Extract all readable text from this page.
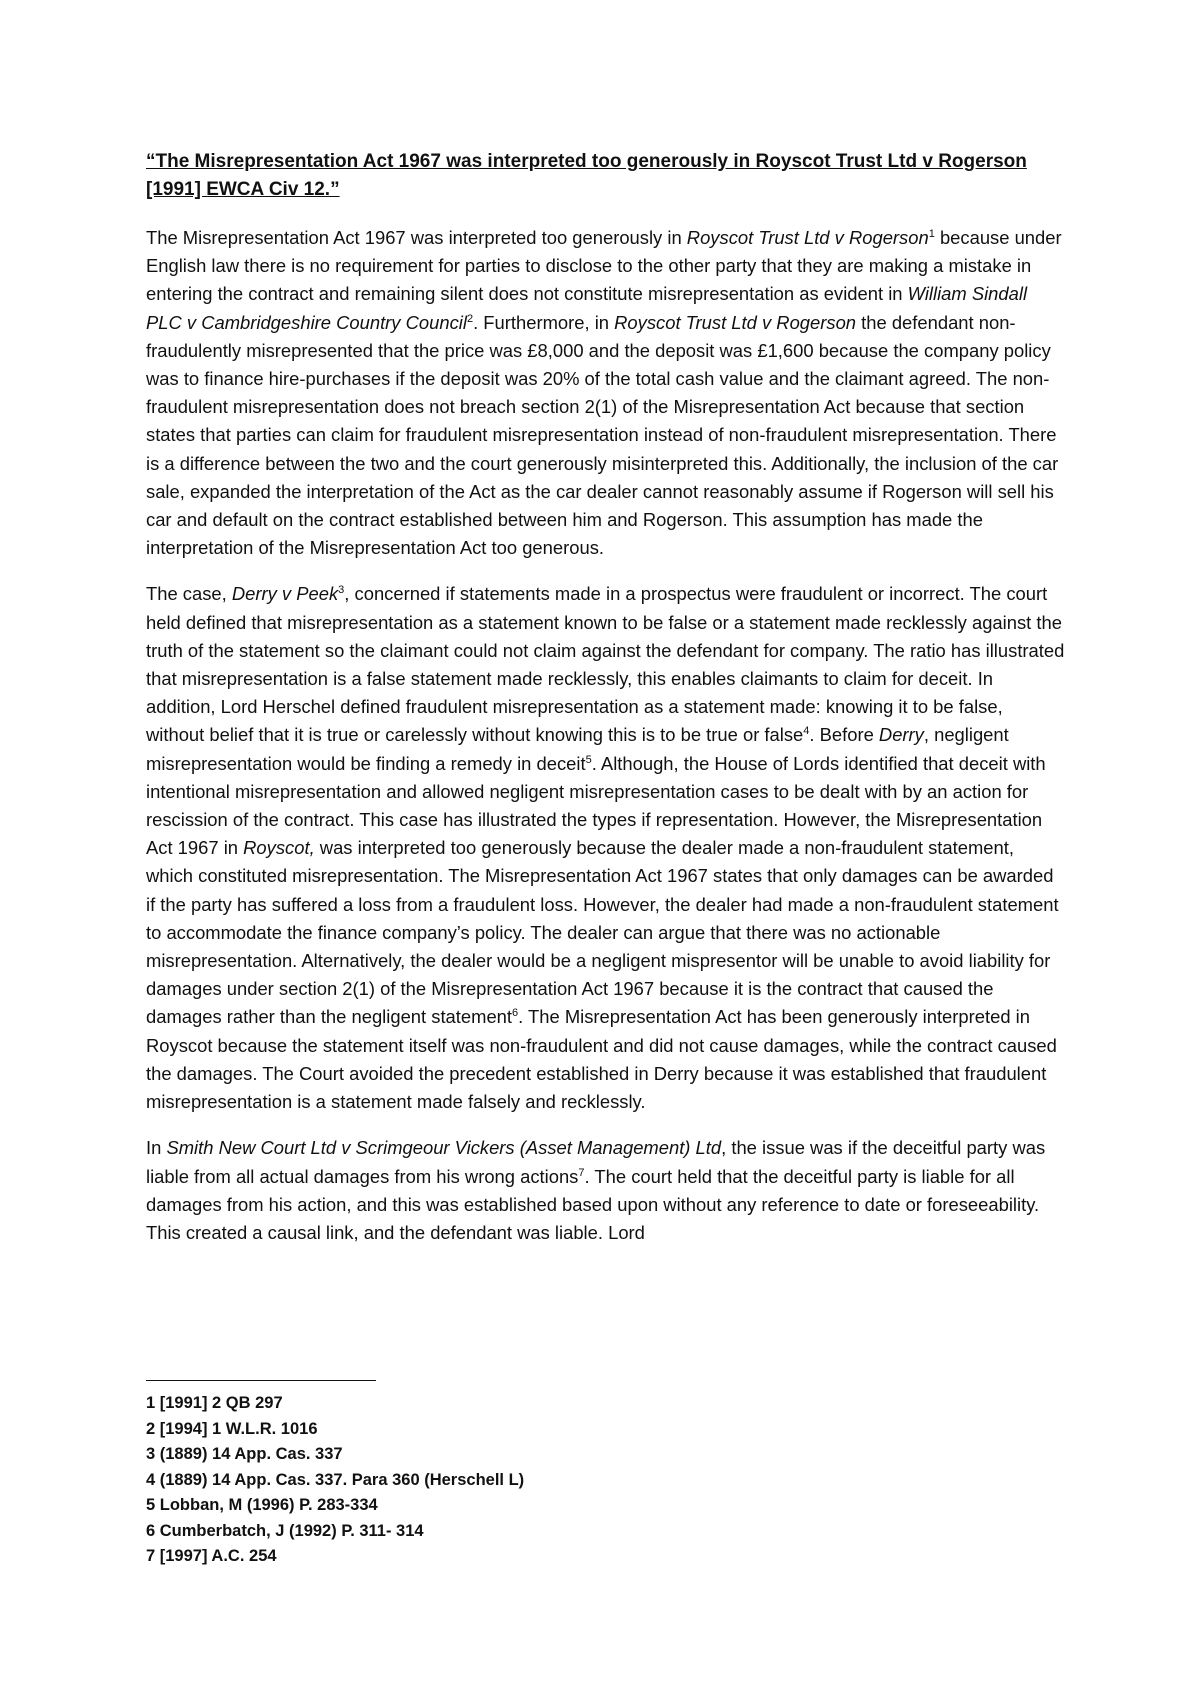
“The Misrepresentation Act 1967 was interpreted too generously in Royscot Trust Ltd v Rogerson [1991] EWCA Civ 12.”

The Misrepresentation Act 1967 was interpreted too generously in Royscot Trust Ltd v Rogerson$^1$ because under English law there is no requirement for parties to disclose to the other party that they are making a mistake in entering the contract and remaining silent does not constitute misrepresentation as evident in William Sindall PLC v Cambridgeshire Country Council$^2$. Furthermore, in Royscot Trust Ltd v Rogerson the defendant non-fraudulently misrepresented that the price was £8,000 and the deposit was £1,600 because the company policy was to finance hire-purchases if the deposit was 20% of the total cash value and the claimant agreed. The non-fraudulent misrepresentation does not breach section 2(1) of the Misrepresentation Act because that section states that parties can claim for fraudulent misrepresentation instead of non-fraudulent misrepresentation. There is a difference between the two and the court generously misinterpreted this. Additionally, the inclusion of the car sale, expanded the interpretation of the Act as the car dealer cannot reasonably assume if Rogerson will sell his car and default on the contract established between him and Rogerson. This assumption has made the interpretation of the Misrepresentation Act too generous.

The case, Derry v Peek$^3$, concerned if statements made in a prospectus were fraudulent or incorrect. The court held defined that misrepresentation as a statement known to be false or a statement made recklessly against the truth of the statement so the claimant could not claim against the defendant for company. The ratio has illustrated that misrepresentation is a false statement made recklessly, this enables claimants to claim for deceit. In addition, Lord Herschel defined fraudulent misrepresentation as a statement made: knowing it to be false, without belief that it is true or carelessly without knowing this is to be true or false$^4$. Before Derry, negligent misrepresentation would be finding a remedy in deceit$^5$. Although, the House of Lords identified that deceit with intentional misrepresentation and allowed negligent misrepresentation cases to be dealt with by an action for rescission of the contract. This case has illustrated the types if representation. However, the Misrepresentation Act 1967 in Royscot, was interpreted too generously because the dealer made a non-fraudulent statement, which constituted misrepresentation. The Misrepresentation Act 1967 states that only damages can be awarded if the party has suffered a loss from a fraudulent loss. However, the dealer had made a non-fraudulent statement to accommodate the finance company’s policy. The dealer can argue that there was no actionable misrepresentation. Alternatively, the dealer would be a negligent mispresentor will be unable to avoid liability for damages under section 2(1) of the Misrepresentation Act 1967 because it is the contract that caused the damages rather than the negligent statement$^6$. The Misrepresentation Act has been generously interpreted in Royscot because the statement itself was non-fraudulent and did not cause damages, while the contract caused the damages. The Court avoided the precedent established in Derry because it was established that fraudulent misrepresentation is a statement made falsely and recklessly.

In Smith New Court Ltd v Scrimgeour Vickers (Asset Management) Ltd, the issue was if the deceitful party was liable from all actual damages from his wrong actions$^7$. The court held that the deceitful party is liable for all damages from his action, and this was established based upon without any reference to date or foreseeability. This created a causal link, and the defendant was liable. Lord

1 [1991] 2 QB 297
2 [1994] 1 W.L.R. 1016
3 (1889) 14 App. Cas. 337
4 (1889) 14 App. Cas. 337. Para 360 (Herschell L)
5 Lobban, M (1996) P. 283-334
6 Cumberbatch, J (1992) P. 311- 314
7 [1997] A.C. 254
